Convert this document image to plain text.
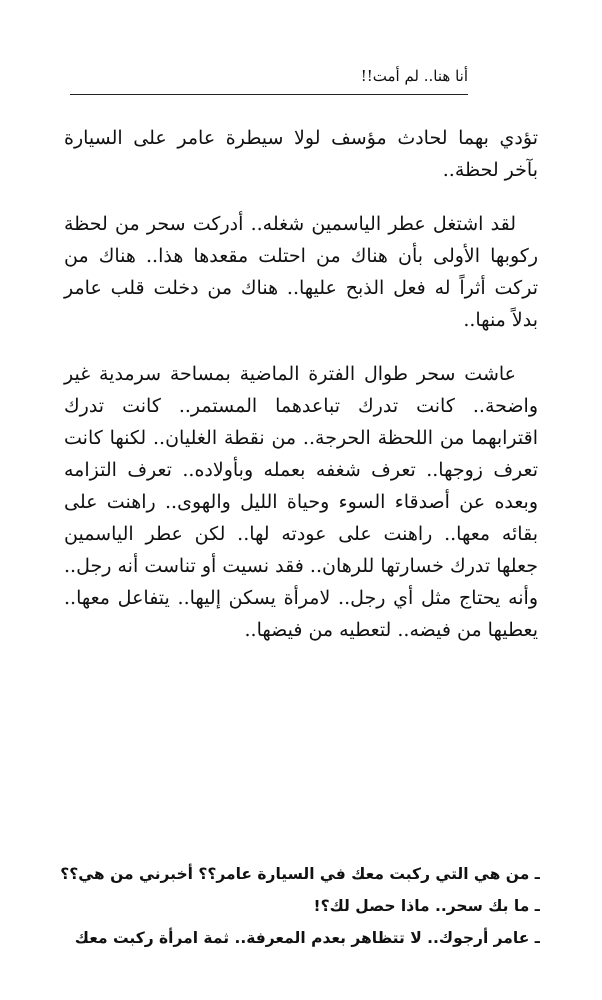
أنا هنا.. لم أمت!!

تؤدي بهما لحادث مؤسف لولا سيطرة عامر على السيارة بآخر لحظة..

لقد اشتغل عطر الياسمين شغله.. أدركت سحر من لحظة ركوبها الأولى بأن هناك من احتلت مقعدها هذا.. هناك من تركت أثراً له فعل الذبح عليها.. هناك من دخلت قلب عامر بدلاً منها..

عاشت سحر طوال الفترة الماضية بمساحة سرمدية غير واضحة.. كانت تدرك تباعدهما المستمر.. كانت تدرك اقترابهما من اللحظة الحرجة.. من نقطة الغليان.. لكنها كانت تعرف زوجها.. تعرف شغفه بعمله وبأولاده.. تعرف التزامه وبعده عن أصدقاء السوء وحياة الليل والهوى.. راهنت على بقائه معها.. راهنت على عودته لها.. لكن عطر الياسمين جعلها تدرك خسارتها للرهان.. فقد نسيت أو تناست أنه رجل.. وأنه يحتاج مثل أي رجل.. لامرأة يسكن إليها.. يتفاعل معها.. يعطيها من فيضه.. لتعطيه من فيضها..

ـ من هي التي ركبت معك في السيارة عامر؟؟ أخبرني من هي؟؟
ـ ما بك سحر.. ماذا حصل لك؟!
ـ عامر أرجوك.. لا تتظاهر بعدم المعرفة.. ثمة امرأة ركبت معك
